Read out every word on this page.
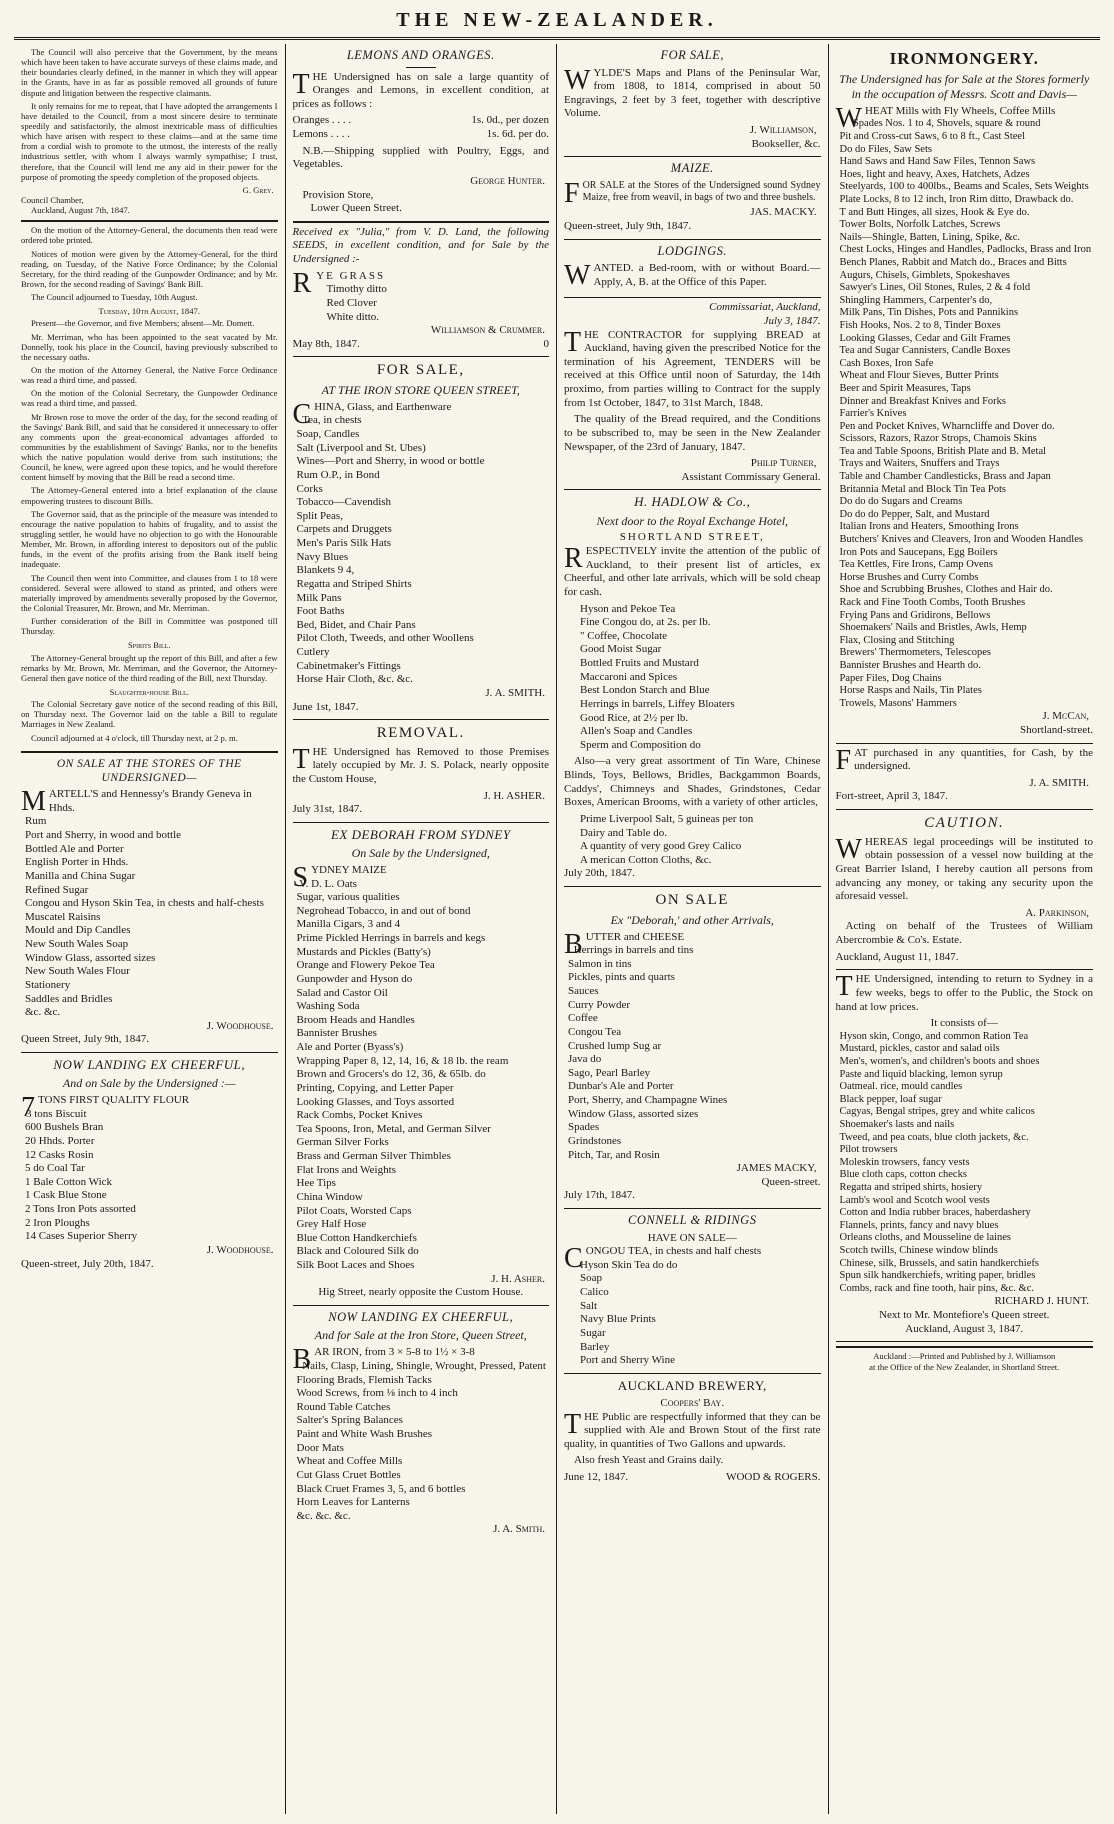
THE NEW-ZEALANDER.

The Council will also perceive that the Government, by the means which have been taken to have accurate surveys of these claims made, and their boundaries clearly defined, in the manner in which they will appear in the Grants, have in as far as possible removed all grounds of future dispute and litigation between the respective claimants.

It only remains for me to repeat, that I have adopted the arrangements I have detailed to the Council, from a most sincere desire to terminate speedily and satisfactorily, the almost inextricable mass of difficulties which have arisen with respect to these claims—and at the same time from a cordial wish to promote to the utmost, the interests of the really industrious settler, with whom I always warmly sympathise; I trust, therefore, that the Council will lend me any aid in their power for the purpose of promoting the speedy completion of the proposed objects.

G. Grey.
Council Chamber,
Auckland, August 7th, 1847.

On the motion of the Attorney-General, the documents then read were ordered tobe printed.

Notices of motion were given by the Attorney-General, for the third reading, on Tuesday, of the Native Force Ordinance; by the Colonial Secretary, for the third reading of the Gunpowder Ordinance; and by Mr. Brown, for the second reading of Savings' Bank Bill.

The Council adjourned to Tuesday, 10th August.

Tuesday, 10th August, 1847.

Present—the Governor, and five Members; absent—Mr. Domett.

Mr. Merriman, who has been appointed to the seat vacated by Mr. Donnelly, took his place in the Council, having previously subscribed to the necessary oaths.

On the motion of the Attorney General, the Native Force Ordinance was read a third time, and passed.

On the motion of the Colonial Secretary, the Gunpowder Ordinance was read a third time, and passed.

Mr Brown rose to move the order of the day, for the second reading of the Savings' Bank Bill, and said that he considered it unnecessary to offer any comments upon the great-economical advantages afforded to communities by the establishment of Savings' Banks, nor to the benefits which the native population would derive from such institutions; the Council, he knew, were agreed upon these topics, and he would therefore content himself by moving that the Bill be read a second time.

The Attorney-General entered into a brief explanation of the clause empowering trustees to discount Bills.

The Governor said, that as the principle of the measure was intended to encourage the native population to habits of frugality, and to assist the struggling settler, he would have no objection to go with the Honourable Member, Mr. Brown, in affording interest to depositors out of the public funds, in the event of the profits arising from the Bank itself being inadequate.

The Council then went into Committee, and clauses from 1 to 18 were considered. Several were allowed to stand as printed, and others were materially improved by amendments severally proposed by the Governor, the Colonial Treasurer, Mr. Brown, and Mr. Merriman.

Further consideration of the Bill in Committee was postponed till Thursday.

Spirits Bill.

The Attorney-General brought up the report of this Bill, and after a few remarks by Mr. Brown, Mr. Merriman, and the Governor, the Attorney-General then gave notice of the third reading of the Bill, next Thursday.

Slaughter-house Bill.

The Colonial Secretary gave notice of the second reading of this Bill, on Thursday next. The Governor laid on the table a Bill to regulate Marriages in New Zealand.

Council adjourned at 4 o'clock, till Thursday next, at 2 p. m.

ON SALE AT THE STORES OF THE UNDERSIGNED—
MARTELL'S and Hennessy's Brandy Geneva in Hhds.
Rum
Port and Sherry, in wood and bottle
Bottled Ale and Porter
English Porter in Hhds.
Manilla and China Sugar
Refined Sugar
Congou and Hyson Skin Tea, in chests and half-chests
Muscatel Raisins
Mould and Dip Candles
New South Wales Soap
Window Glass, assorted sizes
New South Wales Flour
Stationery
Saddles and Bridles
&c. &c.
J. Woodhouse.
Queen Street, July 9th, 1847.
NOW LANDING EX CHEERFUL,
And on Sale by the Undersigned :—
7TONS FIRST QUALITY FLOUR
3 tons Biscuit
600 Bushels Bran
20 Hhds. Porter
12 Casks Rosin
5 do Coal Tar
1 Bale Cotton Wick
1 Cask Blue Stone
2 Tons Iron Pots assorted
2 Iron Ploughs
14 Cases Superior Sherry
J. Woodhouse.
Queen-street, July 20th, 1847.
LEMONS AND ORANGES.

THE Undersigned has on sale a large quantity of Oranges and Lemons, in excellent condition, at prices as follows :

Oranges . . . .	1s. 0d., per dozen
Lemons . . . .	1s. 6d. per do.

N.B.—Shipping supplied with Poultry, Eggs, and Vegetables.

George Hunter.
Provision Store,
Lower Queen Street.

Received ex "Julia," from V. D. Land, the following SEEDS, in excellent condition, and for Sale by the Undersigned :-

RYE GRASS
Timothy ditto
Red Clover
White ditto.
Williamson & Crummer.
May 8th, 1847.	0
FOR SALE,
AT THE IRON STORE QUEEN STREET,
CHINA, Glass, and Earthenware
Tea, in chests
Soap, Candles
Salt (Liverpool and St. Ubes)
Wines—Port and Sherry, in wood or bottle
Rum O.P., in Bond
Corks
Tobacco—Cavendish
Split Peas,
Carpets and Druggets
Men's Paris Silk Hats
Navy Blues
Blankets 9 4,
Regatta and Striped Shirts
Milk Pans
Foot Baths
Bed, Bidet, and Chair Pans
Pilot Cloth, Tweeds, and other Woollens
Cutlery
Cabinetmaker's Fittings
Horse Hair Cloth, &c. &c.
J. A. SMITH.
June 1st, 1847.
REMOVAL.

THE Undersigned has Removed to those Premises lately occupied by Mr. J. S. Polack, nearly opposite the Custom House,

J. H. ASHER.
July 31st, 1847.
EX DEBORAH FROM SYDNEY
On Sale by the Undersigned,
SYDNEY MAIZE
V. D. L. Oats
Sugar, various qualities
Negrohead Tobacco, in and out of bond
Manilla Cigars, 3 and 4
Prime Pickled Herrings in barrels and kegs
Mustards and Pickles (Batty's)
Orange and Flowery Pekoe Tea
Gunpowder and Hyson do
Salad and Castor Oil
Washing Soda
Broom Heads and Handles
Bannister Brushes
Ale and Porter (Byass's)
Wrapping Paper 8, 12, 14, 16, & 18 lb. the ream
Brown and Grocers's do 12, 36, & 65lb. do
Printing, Copying, and Letter Paper
Looking Glasses, and Toys assorted
Rack Combs, Pocket Knives
Tea Spoons, Iron, Metal, and German Silver
German Silver Forks
Brass and German Silver Thimbles
Flat Irons and Weights
Hee Tips
China Window
Pilot Coats, Worsted Caps
Grey Half Hose
Blue Cotton Handkerchiefs
Black and Coloured Silk do
Silk Boot Laces and Shoes
J. H. Asher.
Hig Street, nearly opposite the Custom House.
NOW LANDING EX CHEERFUL,
And for Sale at the Iron Store, Queen Street,
BAR IRON, from 3 × 5-8 to 1½ × 3-8
Nails, Clasp, Lining, Shingle, Wrought, Pressed, Patent
Flooring Brads, Flemish Tacks
Wood Screws, from ⅛ inch to 4 inch
Round Table Catches
Salter's Spring Balances
Paint and White Wash Brushes
Door Mats
Wheat and Coffee Mills
Cut Glass Cruet Bottles
Black Cruet Frames 3, 5, and 6 bottles
Horn Leaves for Lanterns
&c. &c. &c.
J. A. Smith.
FOR SALE,

WYLDE'S Maps and Plans of the Peninsular War, from 1808, to 1814, comprised in about 50 Engravings, 2 feet by 3 feet, together with descriptive Volume.

J. Williamson,
Bookseller, &c.
MAIZE.

FOR SALE at the Stores of the Undersigned sound Sydney Maize, free from weavil, in bags of two and three bushels.

JAS. MACKY.
Queen-street, July 9th, 1847.
LODGINGS.

WANTED. a Bed-room, with or without Board.—Apply, A, B. at the Office of this Paper.

Commissariat, Auckland,
July 3, 1847.

THE CONTRACTOR for supplying BREAD at Auckland, having given the prescribed Notice for the termination of his Agreement, TENDERS will be received at this Office until noon of Saturday, the 14th proximo, from parties willing to Contract for the supply from 1st October, 1847, to 31st March, 1848.

The quality of the Bread required, and the Conditions to be subscribed to, may be seen in the New Zealander Newspaper, of the 23rd of January, 1847.

Philip Turner,
Assistant Commissary General.
H. HADLOW & Co.,
Next door to the Royal Exchange Hotel,
SHORTLAND STREET,

RESPECTIVELY invite the attention of the public of Auckland, to their present list of articles, ex Cheerful, and other late arrivals, which will be sold cheap for cash.

Hyson and Pekoe Tea
Fine Congou do, at 2s. per lb.
" Coffee, Chocolate
Good Moist Sugar
Bottled Fruits and Mustard
Maccaroni and Spices
Best London Starch and Blue
Herrings in barrels, Liffey Bloaters
Good Rice, at 2½ per lb.
Allen's Soap and Candles
Sperm and Composition do

Also—a very great assortment of Tin Ware, Chinese Blinds, Toys, Bellows, Bridles, Backgammon Boards, Caddys', Chimneys and Shades, Grindstones, Cedar Boxes, American Brooms, with a variety of other articles,

Prime Liverpool Salt, 5 guineas per ton
Dairy and Table do.
A quantity of very good Grey Calico
A merican Cotton Cloths, &c.
July 20th, 1847.
ON SALE
Ex "Deborah,' and other Arrivals,
BUTTER and CHEESE
Herrings in barrels and tins
Salmon in tins
Pickles, pints and quarts
Sauces
Curry Powder
Coffee
Congou Tea
Crushed lump Sug ar
Java do
Sago, Pearl Barley
Dunbar's Ale and Porter
Port, Sherry, and Champagne Wines
Window Glass, assorted sizes
Spades
Grindstones
Pitch, Tar, and Rosin
JAMES MACKY,
Queen-street.
July 17th, 1847.
CONNELL & RIDINGS
HAVE ON SALE—
CONGOU TEA, in chests and half chests
Hyson Skin Tea do do
Soap
Calico
Salt
Navy Blue Prints
Sugar
Barley
Port and Sherry Wine
AUCKLAND BREWERY,
Coopers' Bay.

THE Public are respectfully informed that they can be supplied with Ale and Brown Stout of the first rate quality, in quantities of Two Gallons and upwards.

Also fresh Yeast and Grains daily.

June 12, 1847.	WOOD & ROGERS.
IRONMONGERY.
The Undersigned has for Sale at the Stores formerly in the occupation of Messrs. Scott and Davis—
WHEAT Mills with Fly Wheels, Coffee Mills
Spades Nos. 1 to 4, Shovels, square & round
Pit and Cross-cut Saws, 6 to 8 ft., Cast Steel
Do do Files, Saw Sets
Hand Saws and Hand Saw Files, Tennon Saws
Hoes, light and heavy, Axes, Hatchets, Adzes
Steelyards, 100 to 400lbs., Beams and Scales, Sets Weights
Plate Locks, 8 to 12 inch, Iron Rim ditto, Drawback do.
T and Butt Hinges, all sizes, Hook & Eye do.
Tower Bolts, Norfolk Latches, Screws
Nails—Shingle, Batten, Lining, Spike, &c.
Chest Locks, Hinges and Handles, Padlocks, Brass and Iron
Bench Planes, Rabbit and Match do., Braces and Bitts
Augurs, Chisels, Gimblets, Spokeshaves
Sawyer's Lines, Oil Stones, Rules, 2 & 4 fold
Shingling Hammers, Carpenter's do,
Milk Pans, Tin Dishes, Pots and Pannikins
Fish Hooks, Nos. 2 to 8, Tinder Boxes
Looking Glasses, Cedar and Gilt Frames
Tea and Sugar Cannisters, Candle Boxes
Cash Boxes, Iron Safe
Wheat and Flour Sieves, Butter Prints
Beer and Spirit Measures, Taps
Dinner and Breakfast Knives and Forks
Farrier's Knives
Pen and Pocket Knives, Wharncliffe and Dover do.
Scissors, Razors, Razor Strops, Chamois Skins
Tea and Table Spoons, British Plate and B. Metal
Trays and Waiters, Snuffers and Trays
Table and Chamber Candlesticks, Brass and Japan
Britannia Metal and Block Tin Tea Pots
Do do do Sugars and Creams
Do do do Pepper, Salt, and Mustard
Italian Irons and Heaters, Smoothing Irons
Butchers' Knives and Cleavers, Iron and Wooden Handles
Iron Pots and Saucepans, Egg Boilers
Tea Kettles, Fire Irons, Camp Ovens
Horse Brushes and Curry Combs
Shoe and Scrubbing Brushes, Clothes and Hair do.
Rack and Fine Tooth Combs, Tooth Brushes
Frying Pans and Gridirons, Bellows
Shoemakers' Nails and Bristles, Awls, Hemp
Flax, Closing and Stitching
Brewers' Thermometers, Telescopes
Bannister Brushes and Hearth do.
Paper Files, Dog Chains
Horse Rasps and Nails, Tin Plates
Trowels, Masons' Hammers
J. McCan,
Shortland-street.

FAT purchased in any quantities, for Cash, by the undersigned.

J. A. SMITH.
Fort-street, April 3, 1847.
CAUTION.

WHEREAS legal proceedings will be instituted to obtain possession of a vessel now building at the Great Barrier Island, I hereby caution all persons from advancing any money, or taking any security upon the aforesaid vessel.

A. Parkinson,

Acting on behalf of the Trustees of William Abercrombie & Co's. Estate.

Auckland, August 11, 1847.

THE Undersigned, intending to return to Sydney in a few weeks, begs to offer to the Public, the Stock on hand at low prices.

It consists of—
Hyson skin, Congo, and common Ration Tea
Mustard, pickles, castor and salad oils
Men's, women's, and children's boots and shoes
Paste and liquid blacking, lemon syrup
Oatmeal. rice, mould candles
Black pepper, loaf sugar
Cagyas, Bengal stripes, grey and white calicos
Shoemaker's lasts and nails
Tweed, and pea coats, blue cloth jackets, &c.
Pilot trowsers
Moleskin trowsers, fancy vests
Blue cloth caps, cotton checks
Regatta and striped shirts, hosiery
Lamb's wool and Scotch wool vests
Cotton and India rubber braces, haberdashery
Flannels, prints, fancy and navy blues
Orleans cloths, and Mousseline de laines
Scotch twills, Chinese window blinds
Chinese, silk, Brussels, and satin handkerchiefs
Spun silk handkerchiefs, writing paper, bridles
Combs, rack and fine tooth, hair pins, &c. &c.
RICHARD J. HUNT.
Next to Mr. Montefiore's Queen street.
Auckland, August 3, 1847.
Auckland :—Printed and Published by J. Williamson
at the Office of the New Zealander, in Shortland Street.
